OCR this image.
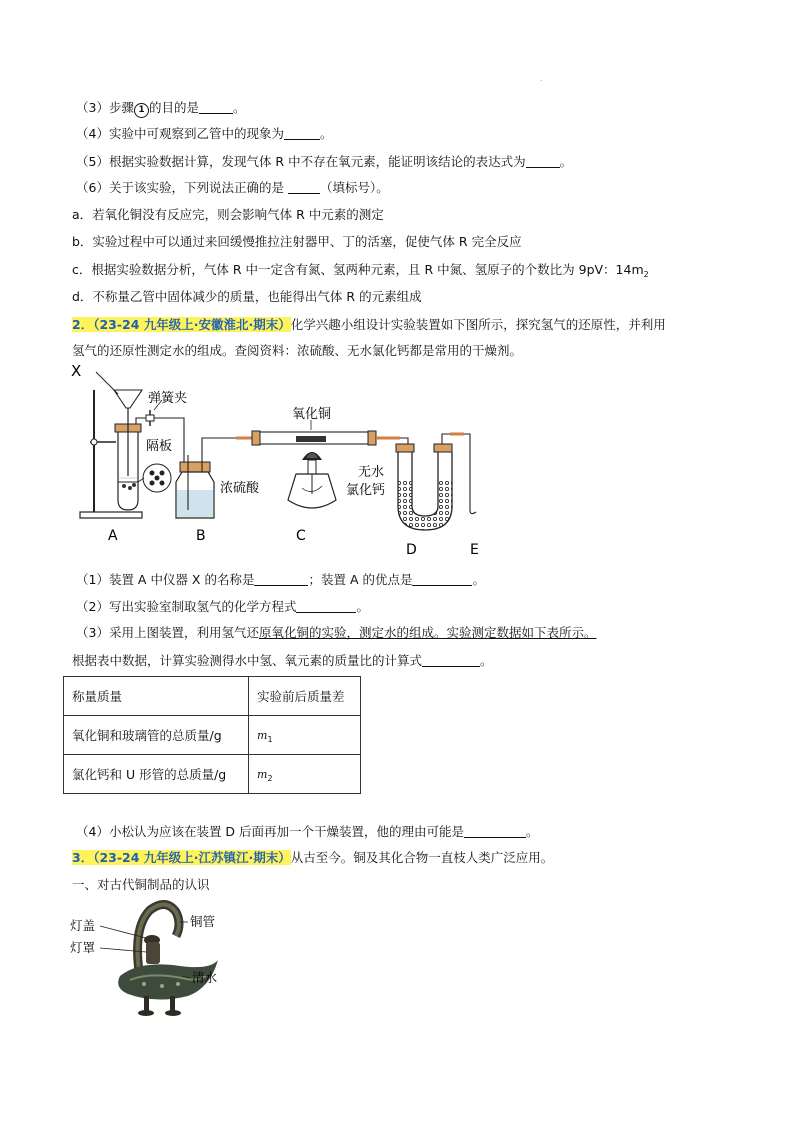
.
（3）步骤 1 的目的是	。
（4）实验中可观察到乙管中的现象为	。
（5）根据实验数据计算，发现气体 R 中不存在氧元素，能证明该结论的表达式为	。
（6）关于该实验，下列说法正确的是	（填标号）。
a．若氧化铜没有反应完，则会影响气体 R 中元素的测定
b．实验过程中可以通过来回缓慢推拉注射器甲、丁的活塞，促使气体 R 完全反应
c．根据实验数据分析，气体 R 中一定含有氮、氢两种元素，且 R 中氮、氢原子的个数比为 9pV：$14m_2$
d．不称量乙管中固体减少的质量，也能得出气体 R 的元素组成
2．（23-24 九年级上·安徽淮北·期末）化学兴趣小组设计实验装置如下图所示，探究氢气的还原性，并利用
氢气的还原性测定水的组成。查阅资料：浓硫酸、无水氯化钙都是常用的干燥剂。
X
弹簧夹
氧化铜
隔板
浓硫酸
无水
氯化钙
A	B	C
D	E
（1）装置 A 中仪器 X 的名称是	；装置 A 的优点是	。
（2）写出实验室制取氢气的化学方程式	。
（3）采用上图装置，利用氢气还原氧化铜的实验，测定水的组成。实验测定数据如下表所示。
根据表中数据，计算实验测得水中氢、氧元素的质量比的计算式	。
称量质量	实验前后质量差
氧化铜和玻璃管的总质量/g	$m_1$
氯化钙和 U 形管的总质量/g	$m_2$
（4）小松认为应该在装置 D 后面再加一个干燥装置，他的理由可能是	。
3．（23-24 九年级上·江苏镇江·期末）从古至今。铜及其化合物一直枝人类广泛应用。
一、对古代铜制品的认识
灯盖
灯罩
铜管
清水
